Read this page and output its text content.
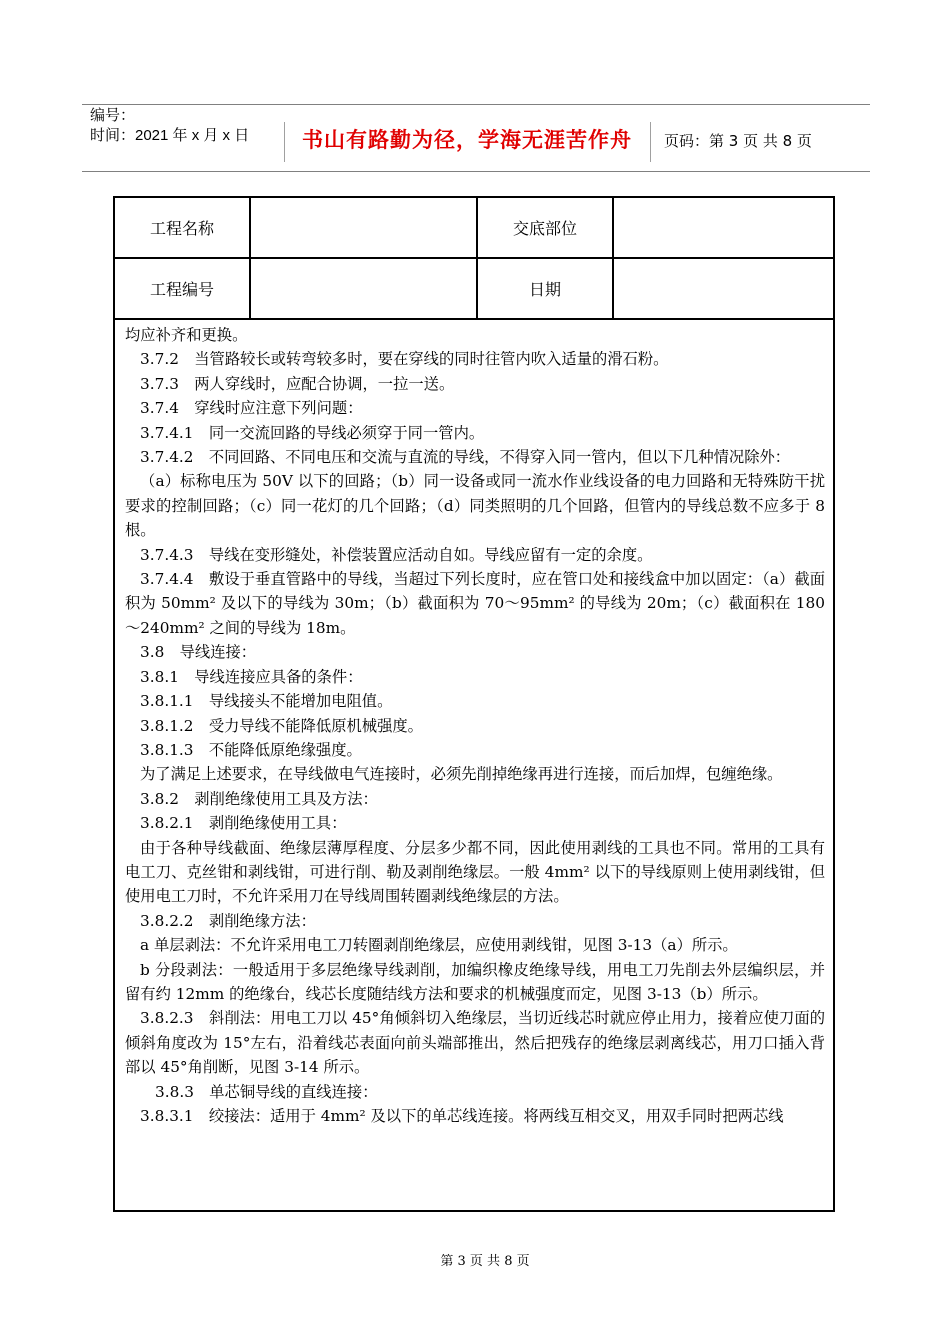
编号：
时间：2021 年 x 月 x 日	书山有路勤为径，学海无涯苦作舟	页码：第 3 页 共 8 页
工程名称		交底部位	
工程编号		日期	

均应补齐和更换。

3.7.2　当管路较长或转弯较多时，要在穿线的同时往管内吹入适量的滑石粉。

3.7.3　两人穿线时，应配合协调，一拉一送。

3.7.4　穿线时应注意下列问题：

3.7.4.1　同一交流回路的导线必须穿于同一管内。

3.7.4.2　不同回路、不同电压和交流与直流的导线，不得穿入同一管内，但以下几种情况除外：

（a）标称电压为 50V 以下的回路；（b）同一设备或同一流水作业线设备的电力回路和无特殊防干扰要求的控制回路；（c）同一花灯的几个回路；（d）同类照明的几个回路，但管内的导线总数不应多于 8 根。

3.7.4.3　导线在变形缝处，补偿装置应活动自如。导线应留有一定的余度。

3.7.4.4　敷设于垂直管路中的导线，当超过下列长度时，应在管口处和接线盒中加以固定：（a）截面积为 50mm² 及以下的导线为 30m；（b）截面积为 70～95mm² 的导线为 20m；（c）截面积在 180～240mm² 之间的导线为 18m。

3.8　导线连接：

3.8.1　导线连接应具备的条件：

3.8.1.1　导线接头不能增加电阻值。

3.8.1.2　受力导线不能降低原机械强度。

3.8.1.3　不能降低原绝缘强度。

为了满足上述要求，在导线做电气连接时，必须先削掉绝缘再进行连接，而后加焊，包缠绝缘。

3.8.2　剥削绝缘使用工具及方法：

3.8.2.1　剥削绝缘使用工具：

由于各种导线截面、绝缘层薄厚程度、分层多少都不同，因此使用剥线的工具也不同。常用的工具有电工刀、克丝钳和剥线钳，可进行削、勒及剥削绝缘层。一般 4mm² 以下的导线原则上使用剥线钳，但使用电工刀时，不允许采用刀在导线周围转圈剥线绝缘层的方法。

3.8.2.2　剥削绝缘方法：

a 单层剥法：不允许采用电工刀转圈剥削绝缘层，应使用剥线钳，见图 3-13（a）所示。

b 分段剥法：一般适用于多层绝缘导线剥削，加编织橡皮绝缘导线，用电工刀先削去外层编织层，并留有约 12mm 的绝缘台，线芯长度随结线方法和要求的机械强度而定，见图 3-13（b）所示。

3.8.2.3　斜削法：用电工刀以 45°角倾斜切入绝缘层，当切近线芯时就应停止用力，接着应使刀面的倾斜角度改为 15°左右，沿着线芯表面向前头端部推出，然后把残存的绝缘层剥离线芯，用刀口插入背部以 45°角削断，见图 3-14 所示。

3.8.3　单芯铜导线的直线连接：

3.8.3.1　绞接法：适用于 4mm² 及以下的单芯线连接。将两线互相交叉，用双手同时把两芯线

第 3 页 共 8 页
